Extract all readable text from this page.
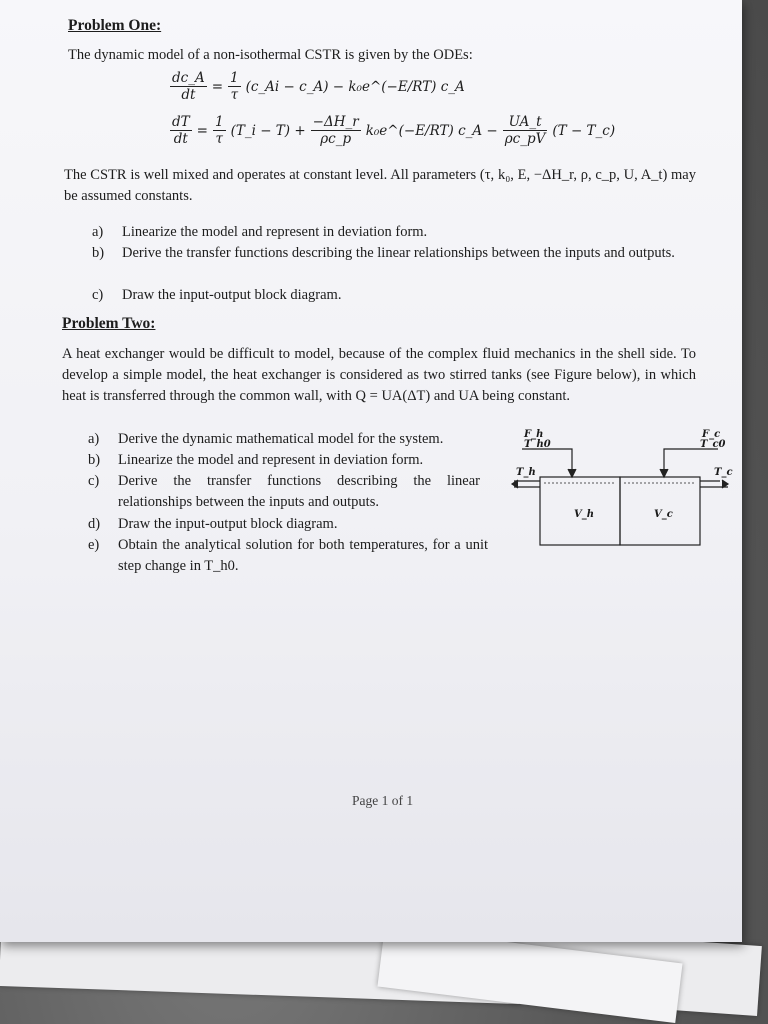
Problem One:
The dynamic model of a non-isothermal CSTR is given by the ODEs:
$\frac{dc\_A}{dt} = \frac{1}{\tau}$ (c_Ai − c_A) − k₀e^(−E/RT) c_A
$\frac{dT}{dt} = \frac{1}{\tau}$ (T_i − $T) + \frac{-\Delta H\_r}{\rho c\_p}$ k₀e^(−E/RT) c_A − $\frac{UA\_t}{\rho c\_pV} (T$ − T_c)
The CSTR is well mixed and operates at constant level. All parameters (τ, k₀, E, −ΔH_r, ρ, c_p, U, A_t) may be assumed constants.
a) Linearize the model and represent in deviation form.
b) Derive the transfer functions describing the linear relationships between the inputs and outputs.
c) Draw the input-output block diagram.
Problem Two:
A heat exchanger would be difficult to model, because of the complex fluid mechanics in the shell side. To develop a simple model, the heat exchanger is considered as two stirred tanks (see Figure below), in which heat is transferred through the common wall, with Q = UA(ΔT) and UA being constant.
a) Derive the dynamic mathematical model for the system.
b) Linearize the model and represent in deviation form.
c) Derive the transfer functions describing the linear relationships between the inputs and outputs.
d) Draw the input-output block diagram.
e) Obtain the analytical solution for both temperatures, for a unit step change in T_h0.
F_h
T_h0
F_c
T_c0
T_h	T_c
V_h	V_c
Page 1 of 1
